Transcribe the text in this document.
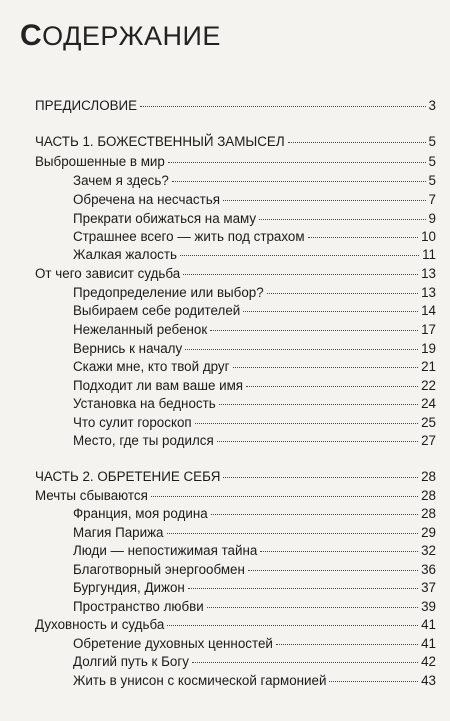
СОДЕРЖАНИЕ
ПРЕДИСЛОВИЕ	3
ЧАСТЬ 1. БОЖЕСТВЕННЫЙ ЗАМЫСЕЛ	5
Выброшенные в мир	5
Зачем я здесь?	5
Обречена на несчастья	7
Прекрати обижаться на маму	9
Страшнее всего — жить под страхом	10
Жалкая жалость	11
От чего зависит судьба	13
Предопределение или выбор?	13
Выбираем себе родителей	14
Нежеланный ребенок	17
Вернись к началу	19
Скажи мне, кто твой друг	21
Подходит ли вам ваше имя	22
Установка на бедность	24
Что сулит гороскоп	25
Место, где ты родился	27
ЧАСТЬ 2. ОБРЕТЕНИЕ СЕБЯ	28
Мечты сбываются	28
Франция, моя родина	28
Магия Парижа	29
Люди — непостижимая тайна	32
Благотворный энергообмен	36
Бургундия, Дижон	37
Пространство любви	39
Духовность и судьба	41
Обретение духовных ценностей	41
Долгий путь к Богу	42
Жить в унисон с космической гармонией	43
